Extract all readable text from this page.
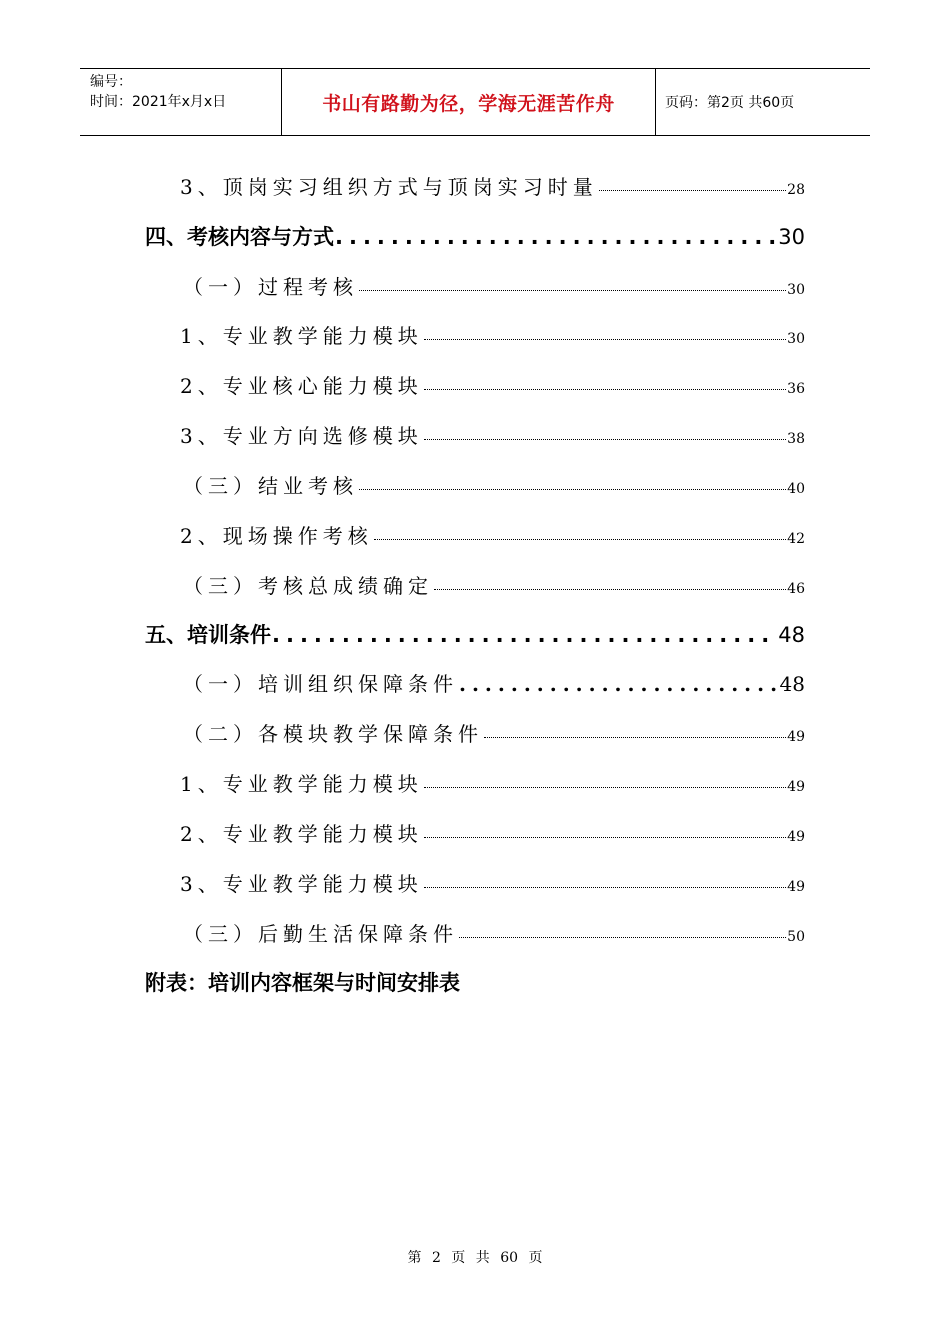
编号：
时间：2021年x月x日	书山有路勤为径，学海无涯苦作舟	页码：第2页 共60页
3、顶岗实习组织方式与顶岗实习时量	28
四、考核内容与方式 .....	30
（一）过程考核	30
1、专业教学能力模块	30
2、专业核心能力模块	36
3、专业方向选修模块	38
（三）结业考核	40
2、现场操作考核	42
（三）考核总成绩确定	46
五、培训条件 .....	48
（一）培训组织保障条件 .....	48
（二）各模块教学保障条件	49
1、专业教学能力模块	49
2、专业教学能力模块	49
3、专业教学能力模块	49
（三）后勤生活保障条件	50
附表：培训内容框架与时间安排表
第 2 页 共 60 页
